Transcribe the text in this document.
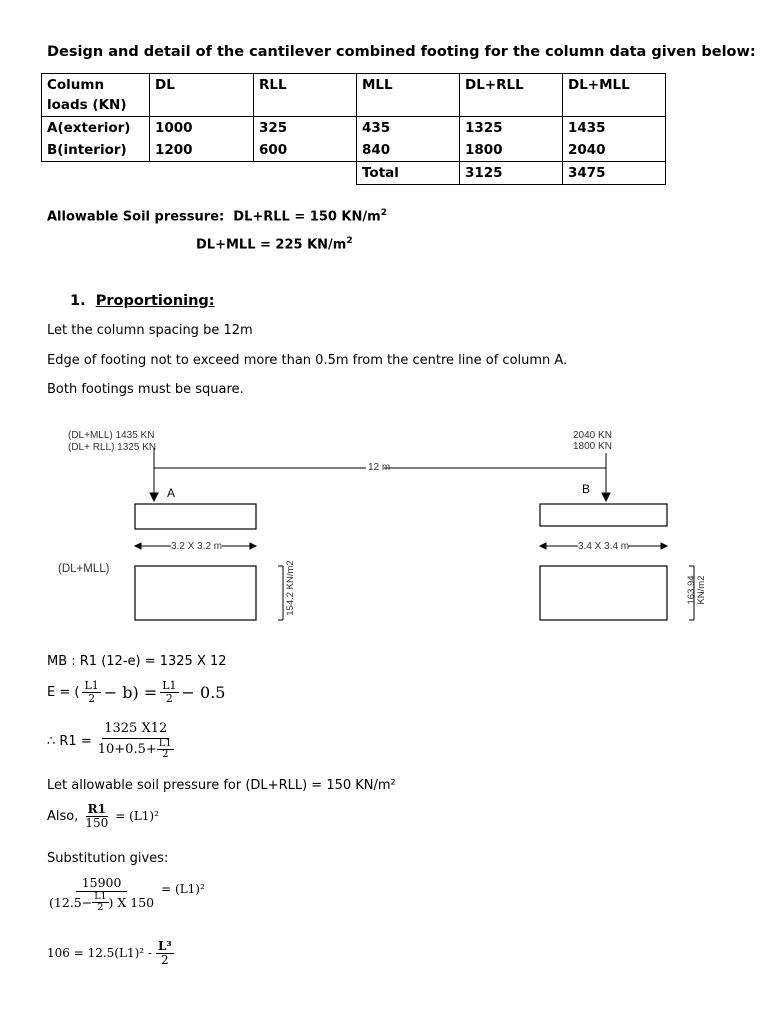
Design and detail of the cantilever combined footing for the column data given below:
Column loads (KN)	DL	RLL	MLL	DL+RLL	DL+MLL
A(exterior)	1000	325	435	1325	1435
B(interior)	1200	600	840	1800	2040
			Total	3125	3475
Allowable Soil pressure: DL+RLL = 150 $KN/m^2$
DL+MLL = 225 $KN/m^2$
1. Proportioning:
Let the column spacing be 12m
Edge of footing not to exceed more than 0.5m from the centre line of column A.
Both footings must be square.
(DL+MLL) 1435 KN
(DL+ RLL) 1325 KN
2040 KN
1800 KN
12 m
A	B
3.2 X 3.2 m	3.4 X 3.4 m
(DL+MLL)	154.2 KN/m2	163.94 KN/m2
MB : R1 (12-e) = 1325 X 12
E = ( $\frac{L1}{2} - b) = \frac{L1}{2} - 0.5$
∴ $R1 = \frac{1325 X12}{10+0.5+ \frac{L1}{2}}$
Let allowable soil pressure for (DL+RLL) = 150 KN/m²
Also, $\frac{R1}{150} = (L1)^2$
Substitution gives:
$\frac{15900}{(12.5- \frac{L1}{2} ) X 150} = (L1)^2$
$106 = 12.5(L1)^2 - \frac{\text{L³}}{2}$
